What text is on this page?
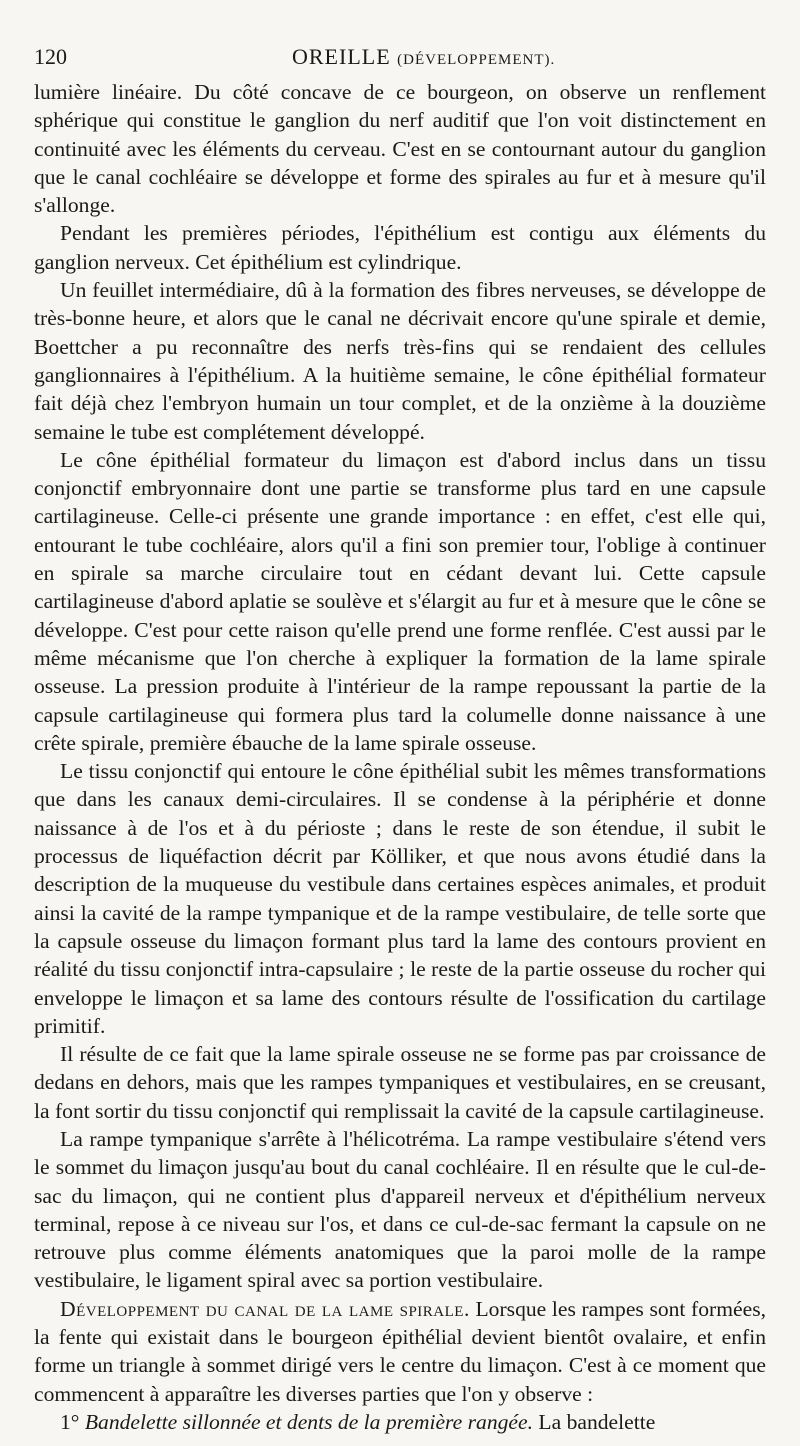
120	OREILLE (DÉVELOPPEMENT).

lumière linéaire. Du côté concave de ce bourgeon, on observe un renflement sphérique qui constitue le ganglion du nerf auditif que l'on voit distinctement en continuité avec les éléments du cerveau. C'est en se contournant autour du ganglion que le canal cochléaire se développe et forme des spirales au fur et à mesure qu'il s'allonge.

Pendant les premières périodes, l'épithélium est contigu aux éléments du ganglion nerveux. Cet épithélium est cylindrique.

Un feuillet intermédiaire, dû à la formation des fibres nerveuses, se développe de très-bonne heure, et alors que le canal ne décrivait encore qu'une spirale et demie, Boettcher a pu reconnaître des nerfs très-fins qui se rendaient des cellules ganglionnaires à l'épithélium. A la huitième semaine, le cône épithélial formateur fait déjà chez l'embryon humain un tour complet, et de la onzième à la douzième semaine le tube est complétement développé.

Le cône épithélial formateur du limaçon est d'abord inclus dans un tissu conjonctif embryonnaire dont une partie se transforme plus tard en une capsule cartilagineuse. Celle-ci présente une grande importance : en effet, c'est elle qui, entourant le tube cochléaire, alors qu'il a fini son premier tour, l'oblige à continuer en spirale sa marche circulaire tout en cédant devant lui. Cette capsule cartilagineuse d'abord aplatie se soulève et s'élargit au fur et à mesure que le cône se développe. C'est pour cette raison qu'elle prend une forme renflée. C'est aussi par le même mécanisme que l'on cherche à expliquer la formation de la lame spirale osseuse. La pression produite à l'intérieur de la rampe repoussant la partie de la capsule cartilagineuse qui formera plus tard la columelle donne naissance à une crête spirale, première ébauche de la lame spirale osseuse.

Le tissu conjonctif qui entoure le cône épithélial subit les mêmes transformations que dans les canaux demi-circulaires. Il se condense à la périphérie et donne naissance à de l'os et à du périoste ; dans le reste de son étendue, il subit le processus de liquéfaction décrit par Kölliker, et que nous avons étudié dans la description de la muqueuse du vestibule dans certaines espèces animales, et produit ainsi la cavité de la rampe tympanique et de la rampe vestibulaire, de telle sorte que la capsule osseuse du limaçon formant plus tard la lame des contours provient en réalité du tissu conjonctif intra-capsulaire ; le reste de la partie osseuse du rocher qui enveloppe le limaçon et sa lame des contours résulte de l'ossification du cartilage primitif.

Il résulte de ce fait que la lame spirale osseuse ne se forme pas par croissance de dedans en dehors, mais que les rampes tympaniques et vestibulaires, en se creusant, la font sortir du tissu conjonctif qui remplissait la cavité de la capsule cartilagineuse.

La rampe tympanique s'arrête à l'hélicotréma. La rampe vestibulaire s'étend vers le sommet du limaçon jusqu'au bout du canal cochléaire. Il en résulte que le cul-de-sac du limaçon, qui ne contient plus d'appareil nerveux et d'épithélium nerveux terminal, repose à ce niveau sur l'os, et dans ce cul-de-sac fermant la capsule on ne retrouve plus comme éléments anatomiques que la paroi molle de la rampe vestibulaire, le ligament spiral avec sa portion vestibulaire.

Développement du canal de la lame spirale. Lorsque les rampes sont formées, la fente qui existait dans le bourgeon épithélial devient bientôt ovalaire, et enfin forme un triangle à sommet dirigé vers le centre du limaçon. C'est à ce moment que commencent à apparaître les diverses parties que l'on y observe :

1° Bandelette sillonnée et dents de la première rangée. La bandelette
